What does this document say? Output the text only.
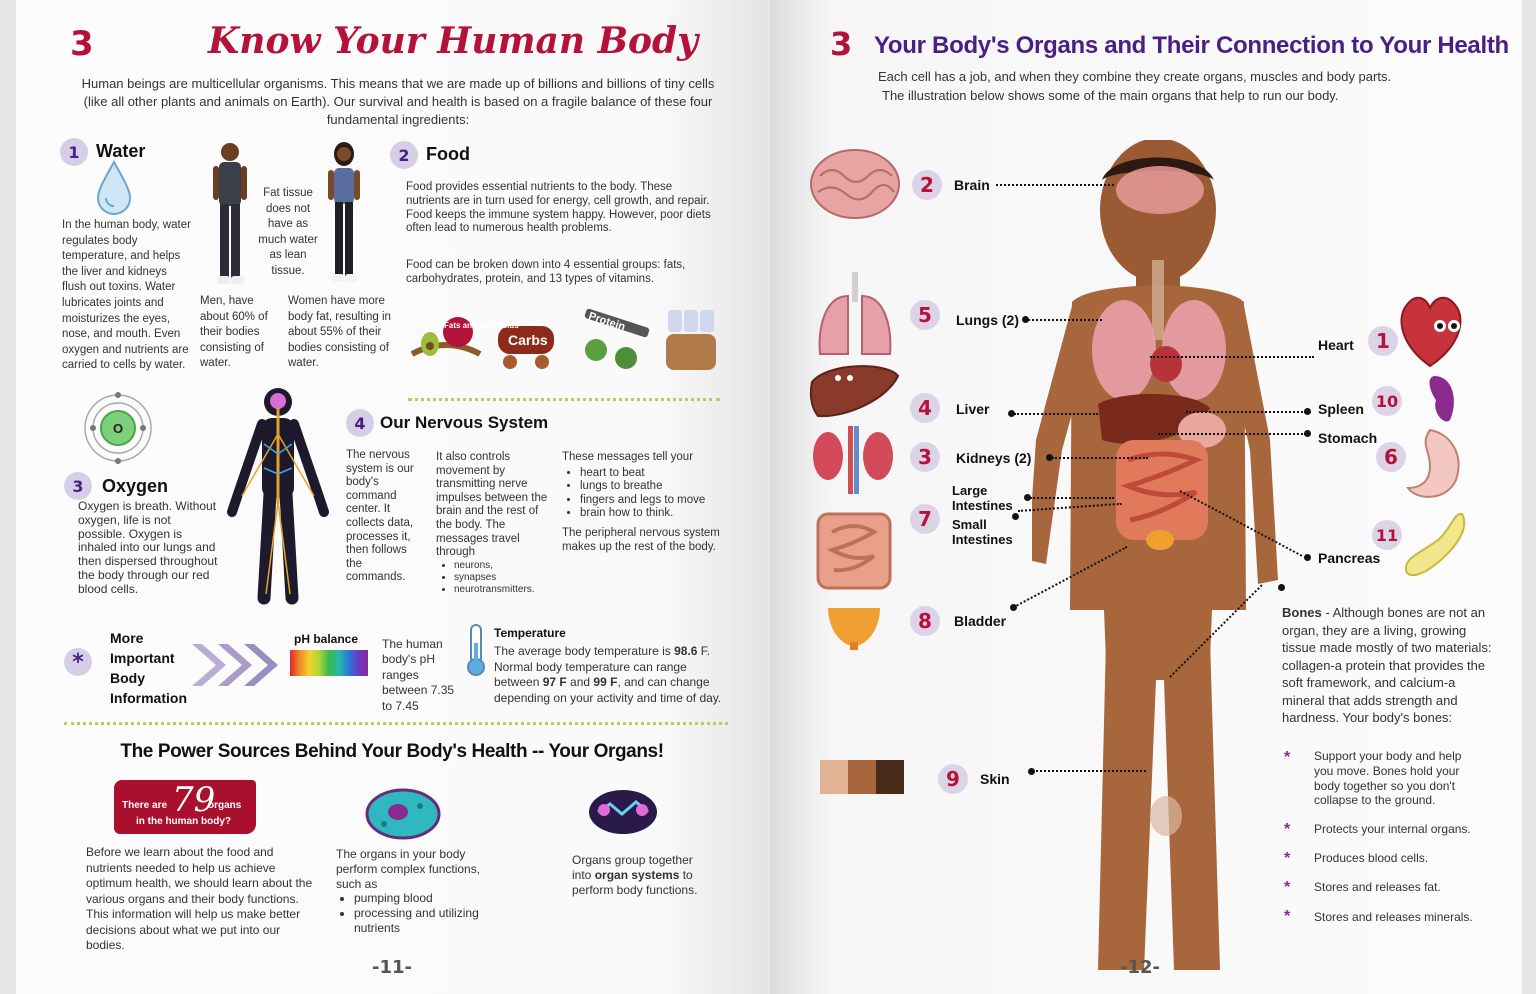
3	Know Your Human Body
Human beings are multicellular organisms. This means that we are made up of billions and billions of tiny cells (like all other plants and animals on Earth). Our survival and health is based on a fragile balance of these four fundamental ingredients:
1 Water
In the human body, water regulates body temperature, and helps the liver and kidneys flush out toxins. Water lubricates joints and moisturizes the eyes, nose, and mouth. Even oxygen and nutrients are carried to cells by water.
Fat tissue does not have as much water as lean tissue.
Men, have about 60% of their bodies consisting of water.
Women have more body fat, resulting in about 55% of their bodies consisting of water.
2 Food
Food provides essential nutrients to the body. These nutrients are in turn used for energy, cell growth, and repair. Food keeps the immune system happy. However, poor diets often lead to numerous health problems.
Food can be broken down into 4 essential groups: fats, carbohydrates, protein, and 13 types of vitamins.
Fats and fatty acids
Carbs
Protein
O
3	Oxygen
Oxygen is breath. Without oxygen, life is not possible. Oxygen is inhaled into our lungs and then dispersed throughout the body through our red blood cells.
4 Our Nervous System
The nervous system is our body's command center. It collects data, processes it, then follows the commands.
It also controls movement by transmitting nerve impulses between the brain and the rest of the body. The messages travel through
• neurons,
• synapses
• neurotransmitters.
These messages tell your
• heart to beat
• lungs to breathe
• fingers and legs to move
• brain how to think.
The peripheral nervous system makes up the rest of the body.
*
More Important Body Information
pH balance The human body's pH ranges between 7.35 to 7.45
Temperature
The average body temperature is 98.6 F. Normal body temperature can range between 97 F and 99 F, and can change depending on your activity and time of day.
The Power Sources Behind Your Body's Health -- Your Organs!
There are 79
organs
in the human body?
Before we learn about the food and nutrients needed to help us achieve optimum health, we should learn about the various organs and their body functions. This information will help us make better decisions about what we put into our bodies.
The organs in your body perform complex functions, such as
• pumping blood
• processing and utilizing nutrients
Organs group together into organ systems to perform body functions.
-11-
3 Your Body's Organs and Their Connection to Your Health
Each cell has a job, and when they combine they create organs, muscles and body parts.
The illustration below shows some of the main organs that help to run our body.
2	Brain
5	Lungs (2)
4	Liver
3	Kidneys (2)
7
Large Intestines
Small Intestines
8	Bladder
9	Skin
Heart	1
Spleen 10
Stomach
6
Pancreas
11
Bones - Although bones are not an organ, they are a living, growing tissue made mostly of two materials: collagen-a protein that provides the soft framework, and calcium-a mineral that adds strength and hardness. Your body's bones:
* Support your body and help you move. Bones hold your body together so you don't collapse to the ground.
* Protects your internal organs.
* Produces blood cells.
* Stores and releases fat.
* Stores and releases minerals.
-12-
